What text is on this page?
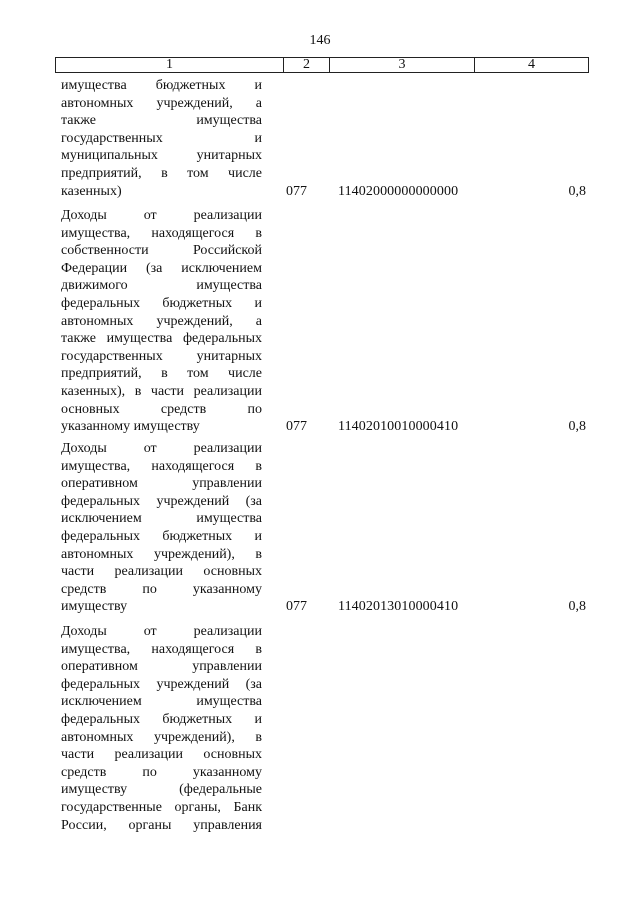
146
1	2	3	4
имущества бюджетных и
автономных учреждений, а
также имущества
государственных и
муниципальных унитарных
предприятий, в том числе
казенных)	077	11402000000000000	0,8
Доходы от реализации
имущества, находящегося в
собственности Российской
Федерации (за исключением
движимого имущества
федеральных бюджетных и
автономных учреждений, а
также имущества федеральных
государственных унитарных
предприятий, в том числе
казенных), в части реализации
основных средств по
указанному имуществу	077	11402010010000410	0,8
Доходы от реализации
имущества, находящегося в
оперативном управлении
федеральных учреждений (за
исключением имущества
федеральных бюджетных и
автономных учреждений), в
части реализации основных
средств по указанному
имуществу	077	11402013010000410	0,8
Доходы от реализации
имущества, находящегося в
оперативном управлении
федеральных учреждений (за
исключением имущества
федеральных бюджетных и
автономных учреждений), в
части реализации основных
средств по указанному
имуществу (федеральные
государственные органы, Банк
России, органы управления
